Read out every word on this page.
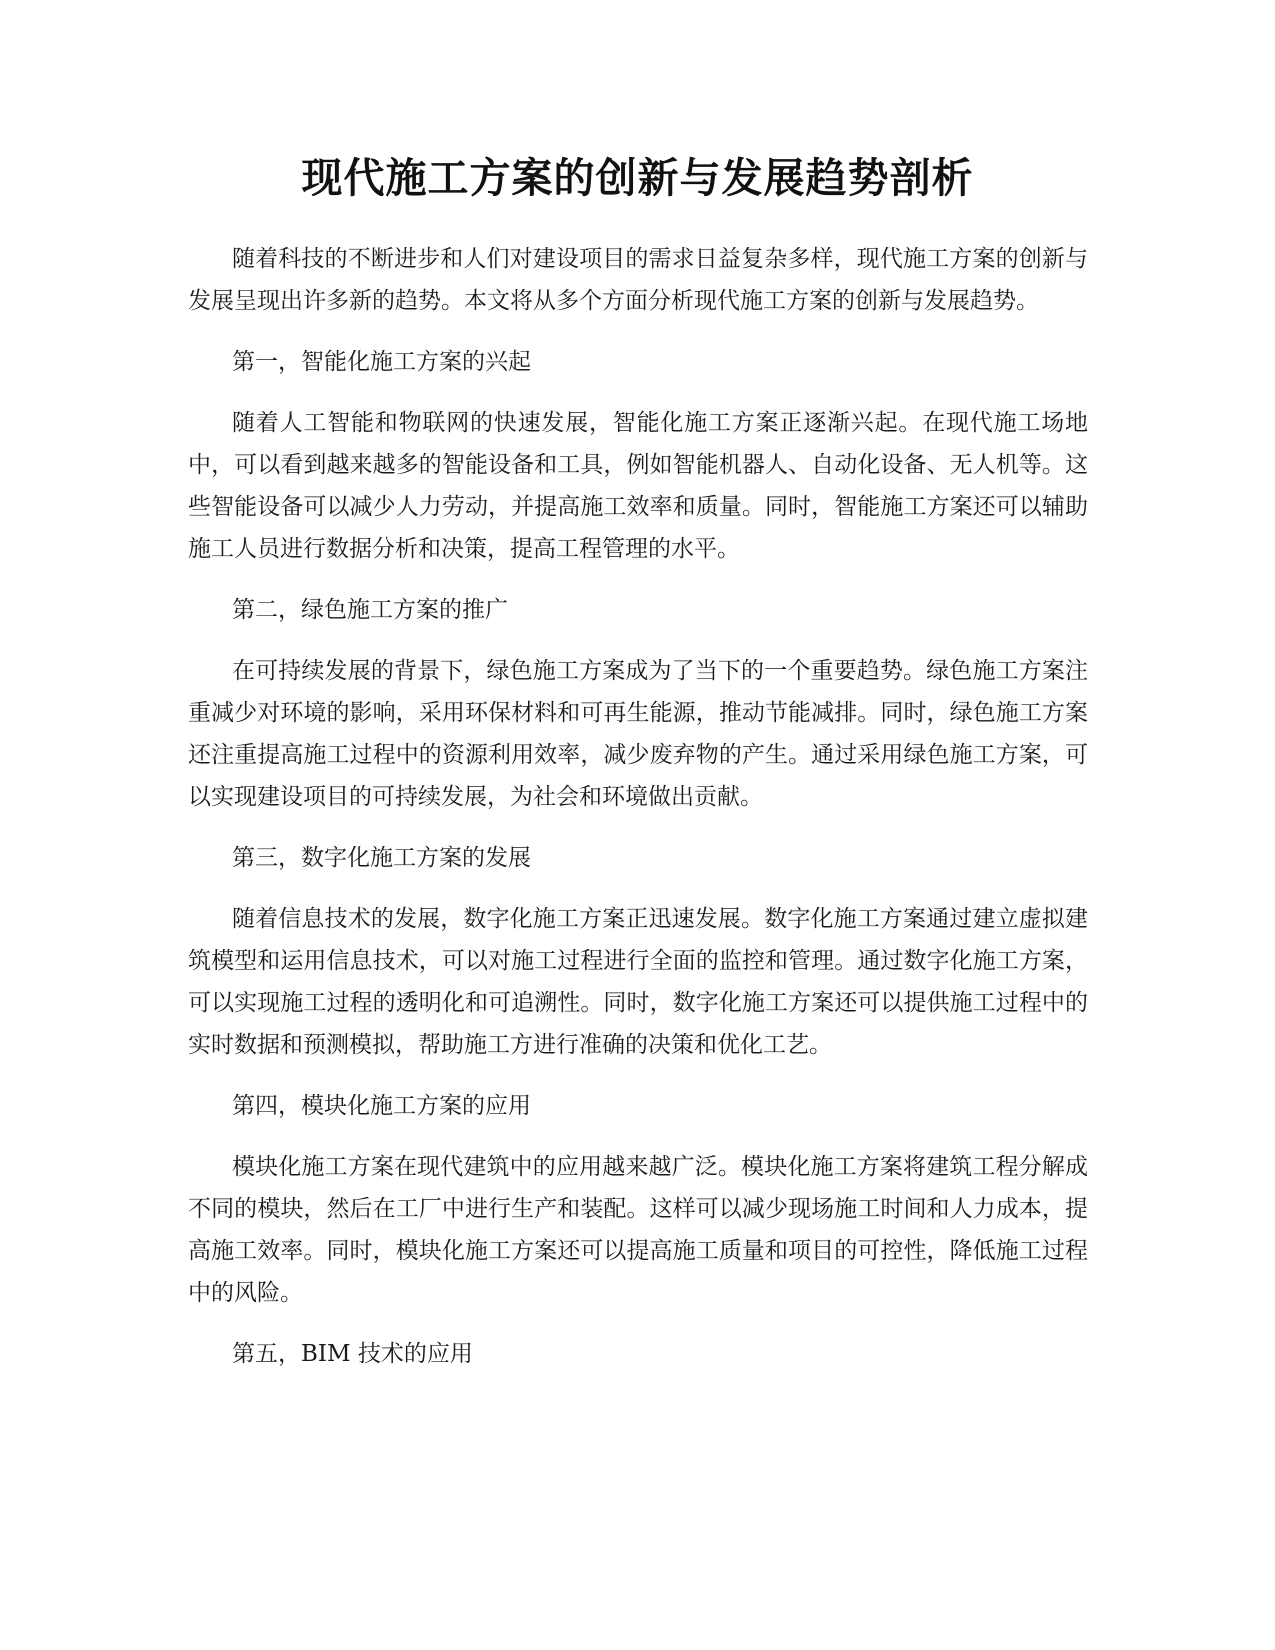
现代施工方案的创新与发展趋势剖析

随着科技的不断进步和人们对建设项目的需求日益复杂多样，现代施工方案的创新与发展呈现出许多新的趋势。本文将从多个方面分析现代施工方案的创新与发展趋势。

第一，智能化施工方案的兴起

随着人工智能和物联网的快速发展，智能化施工方案正逐渐兴起。在现代施工场地中，可以看到越来越多的智能设备和工具，例如智能机器人、自动化设备、无人机等。这些智能设备可以减少人力劳动，并提高施工效率和质量。同时，智能施工方案还可以辅助施工人员进行数据分析和决策，提高工程管理的水平。

第二，绿色施工方案的推广

在可持续发展的背景下，绿色施工方案成为了当下的一个重要趋势。绿色施工方案注重减少对环境的影响，采用环保材料和可再生能源，推动节能减排。同时，绿色施工方案还注重提高施工过程中的资源利用效率，减少废弃物的产生。通过采用绿色施工方案，可以实现建设项目的可持续发展，为社会和环境做出贡献。

第三，数字化施工方案的发展

随着信息技术的发展，数字化施工方案正迅速发展。数字化施工方案通过建立虚拟建筑模型和运用信息技术，可以对施工过程进行全面的监控和管理。通过数字化施工方案，可以实现施工过程的透明化和可追溯性。同时，数字化施工方案还可以提供施工过程中的实时数据和预测模拟，帮助施工方进行准确的决策和优化工艺。

第四，模块化施工方案的应用

模块化施工方案在现代建筑中的应用越来越广泛。模块化施工方案将建筑工程分解成不同的模块，然后在工厂中进行生产和装配。这样可以减少现场施工时间和人力成本，提高施工效率。同时，模块化施工方案还可以提高施工质量和项目的可控性，降低施工过程中的风险。

第五，BIM 技术的应用
